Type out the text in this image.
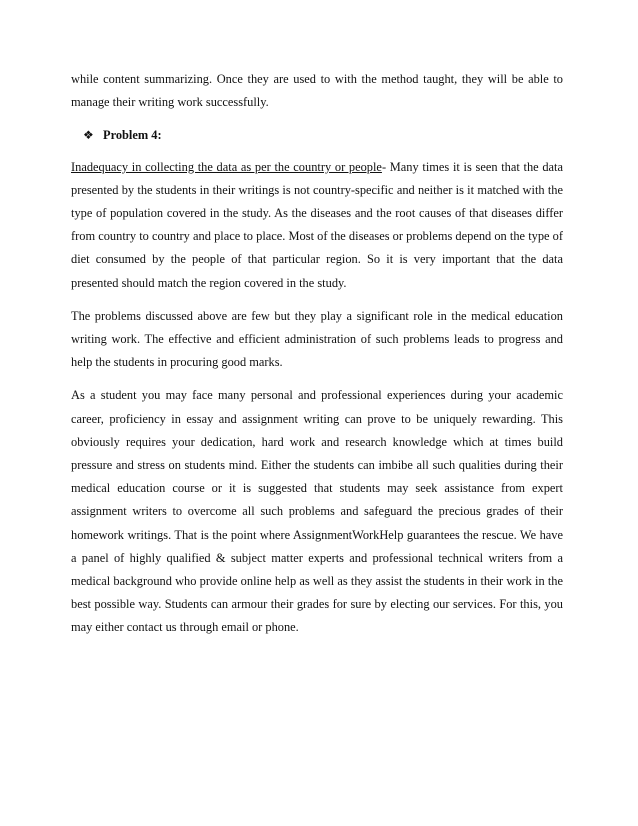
while content summarizing. Once they are used to with the method taught, they will be able to manage their writing work successfully.

❖ Problem 4:

Inadequacy in collecting the data as per the country or people- Many times it is seen that the data presented by the students in their writings is not country-specific and neither is it matched with the type of population covered in the study. As the diseases and the root causes of that diseases differ from country to country and place to place. Most of the diseases or problems depend on the type of diet consumed by the people of that particular region. So it is very important that the data presented should match the region covered in the study.

The problems discussed above are few but they play a significant role in the medical education writing work. The effective and efficient administration of such problems leads to progress and help the students in procuring good marks.

As a student you may face many personal and professional experiences during your academic career, proficiency in essay and assignment writing can prove to be uniquely rewarding. This obviously requires your dedication, hard work and research knowledge which at times build pressure and stress on students mind. Either the students can imbibe all such qualities during their medical education course or it is suggested that students may seek assistance from expert assignment writers to overcome all such problems and safeguard the precious grades of their homework writings. That is the point where AssignmentWorkHelp guarantees the rescue. We have a panel of highly qualified & subject matter experts and professional technical writers from a medical background who provide online help as well as they assist the students in their work in the best possible way. Students can armour their grades for sure by electing our services. For this, you may either contact us through email or phone.
